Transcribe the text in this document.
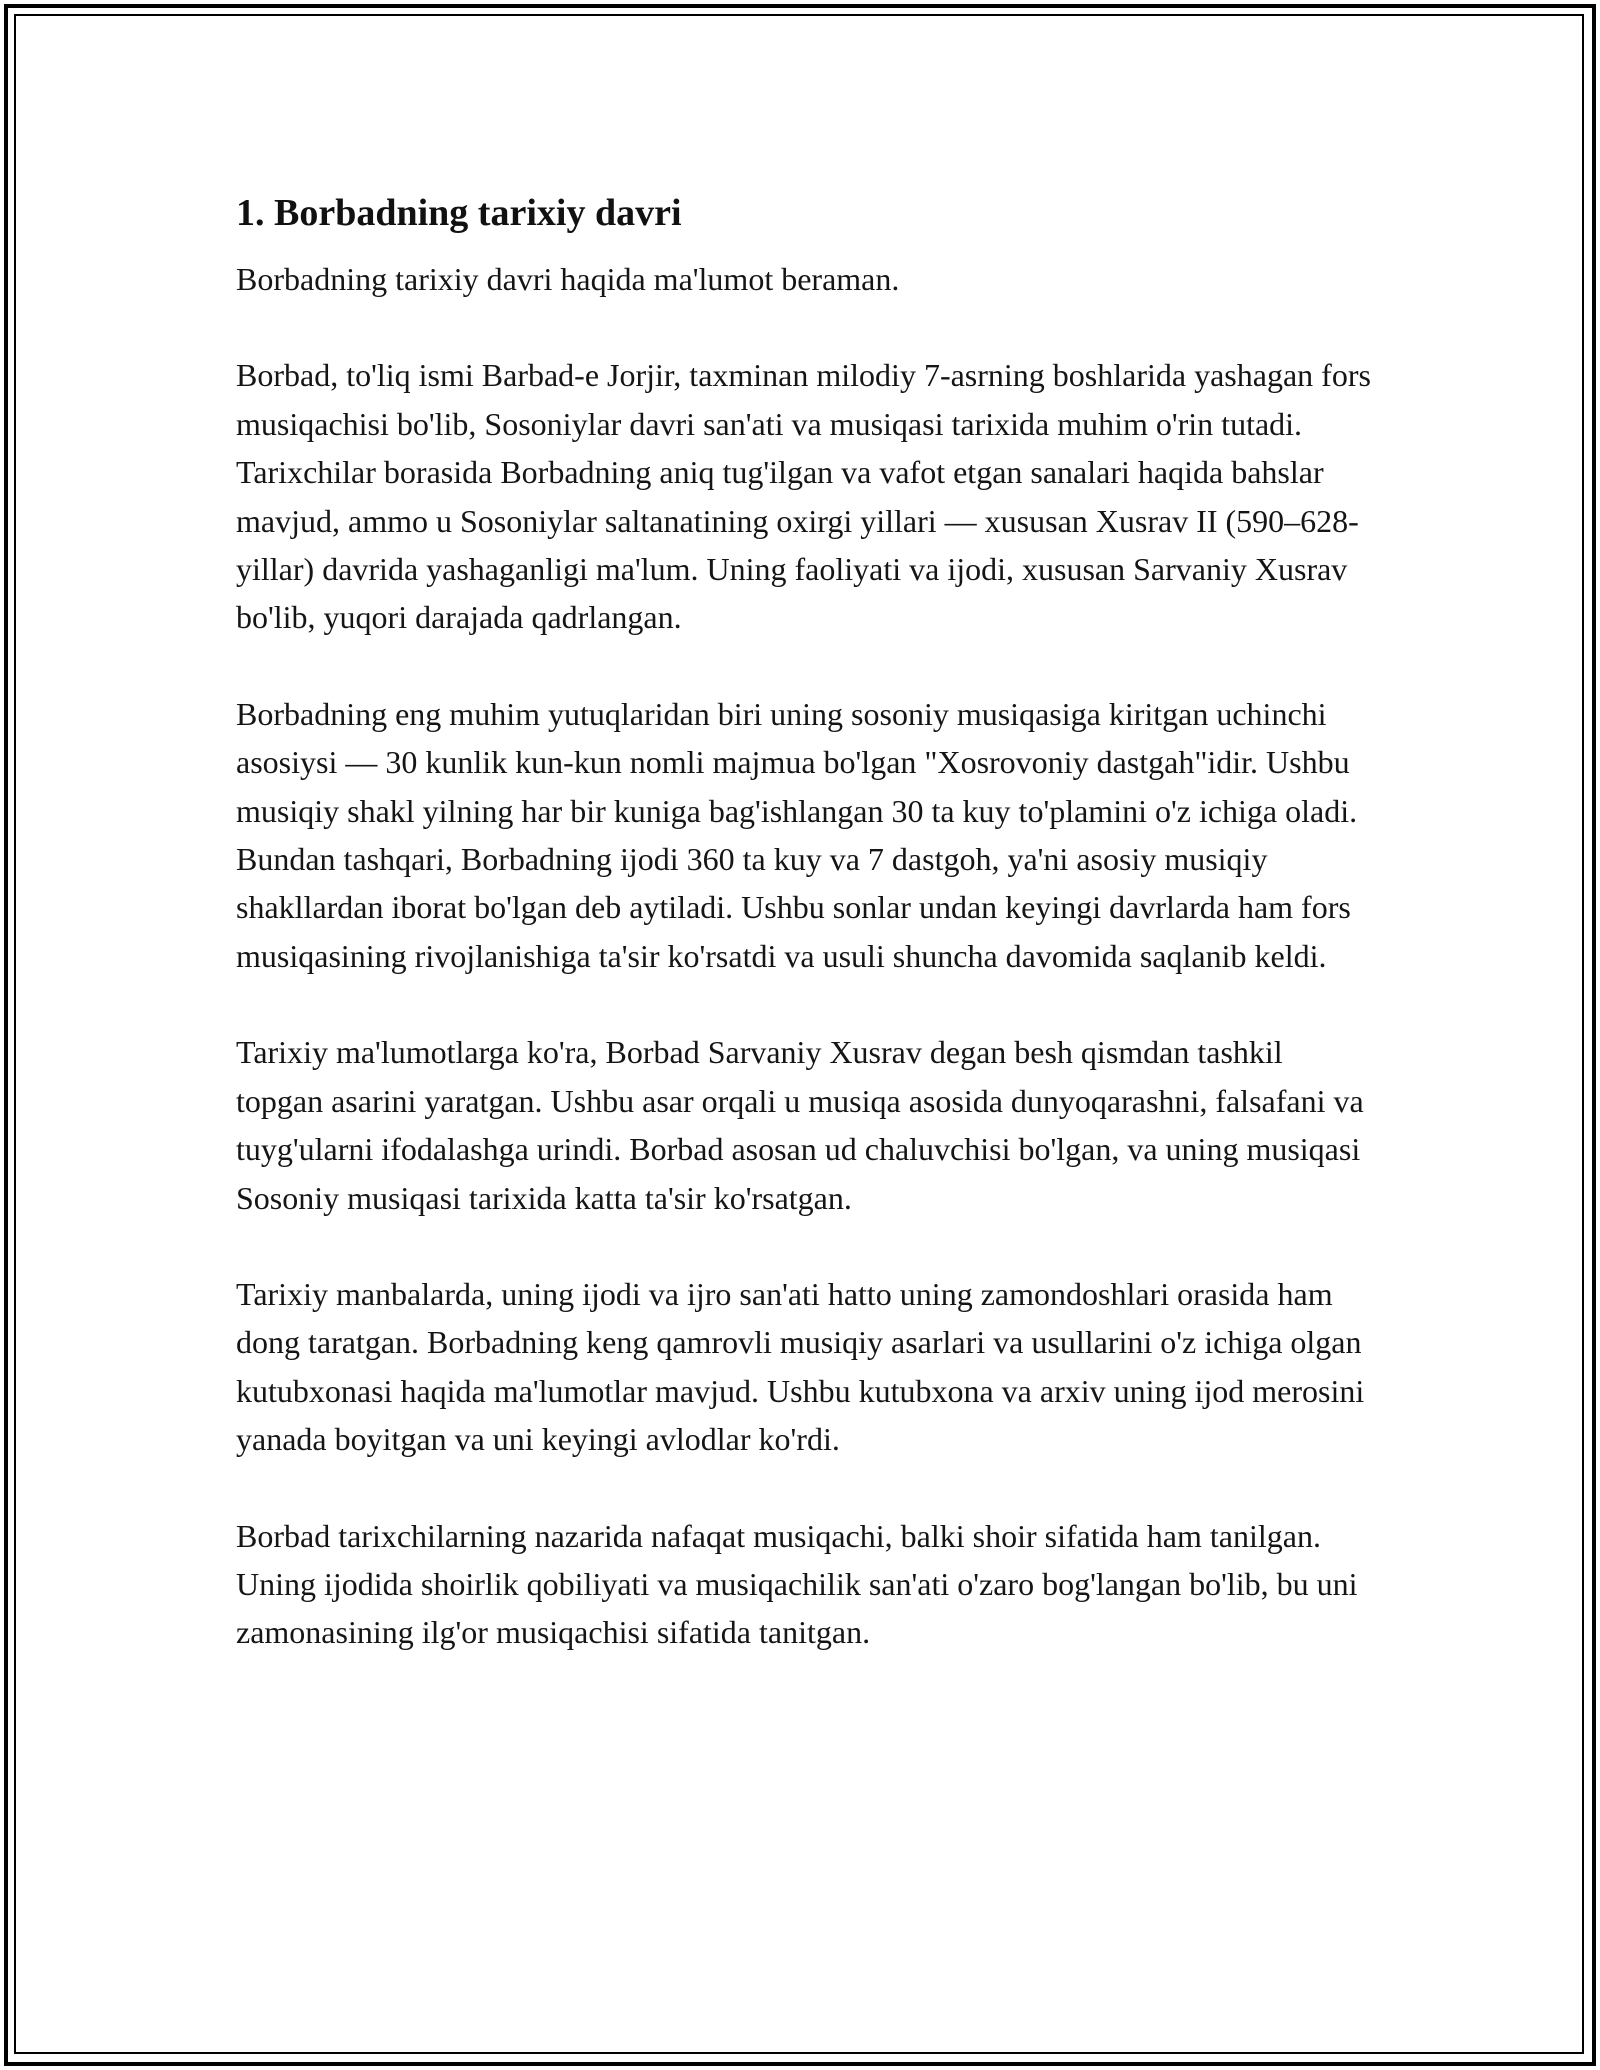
1. Borbadning tarixiy davri

Borbadning tarixiy davri haqida ma'lumot beraman.

Borbad, to'liq ismi Barbad-e Jorjir, taxminan milodiy 7-asrning boshlarida yashagan fors musiqachisi bo'lib, Sosoniylar davri san'ati va musiqasi tarixida muhim o'rin tutadi. Tarixchilar borasida Borbadning aniq tug'ilgan va vafot etgan sanalari haqida bahslar mavjud, ammo u Sosoniylar saltanatining oxirgi yillari — xususan Xusrav II (590–628-yillar) davrida yashaganligi ma'lum. Uning faoliyati va ijodi, xususan Sarvaniy Xusrav bo'lib, yuqori darajada qadrlangan.

Borbadning eng muhim yutuqlaridan biri uning sosoniy musiqasiga kiritgan uchinchi asosiysi — 30 kunlik kun-kun nomli majmua bo'lgan "Xosrovoniy dastgah"idir. Ushbu musiqiy shakl yilning har bir kuniga bag'ishlangan 30 ta kuy to'plamini o'z ichiga oladi. Bundan tashqari, Borbadning ijodi 360 ta kuy va 7 dastgoh, ya'ni asosiy musiqiy shakllardan iborat bo'lgan deb aytiladi. Ushbu sonlar undan keyingi davrlarda ham fors musiqasining rivojlanishiga ta'sir ko'rsatdi va usuli shuncha davomida saqlanib keldi.

Tarixiy ma'lumotlarga ko'ra, Borbad Sarvaniy Xusrav degan besh qismdan tashkil topgan asarini yaratgan. Ushbu asar orqali u musiqa asosida dunyoqarashni, falsafani va tuyg'ularni ifodalashga urindi. Borbad asosan ud chaluvchisi bo'lgan, va uning musiqasi Sosoniy musiqasi tarixida katta ta'sir ko'rsatgan.

Tarixiy manbalarda, uning ijodi va ijro san'ati hatto uning zamondoshlari orasida ham dong taratgan. Borbadning keng qamrovli musiqiy asarlari va usullarini o'z ichiga olgan kutubxonasi haqida ma'lumotlar mavjud. Ushbu kutubxona va arxiv uning ijod merosini yanada boyitgan va uni keyingi avlodlar ko'rdi.

Borbad tarixchilarning nazarida nafaqat musiqachi, balki shoir sifatida ham tanilgan. Uning ijodida shoirlik qobiliyati va musiqachilik san'ati o'zaro bog'langan bo'lib, bu uni zamonasining ilg'or musiqachisi sifatida tanitgan.
